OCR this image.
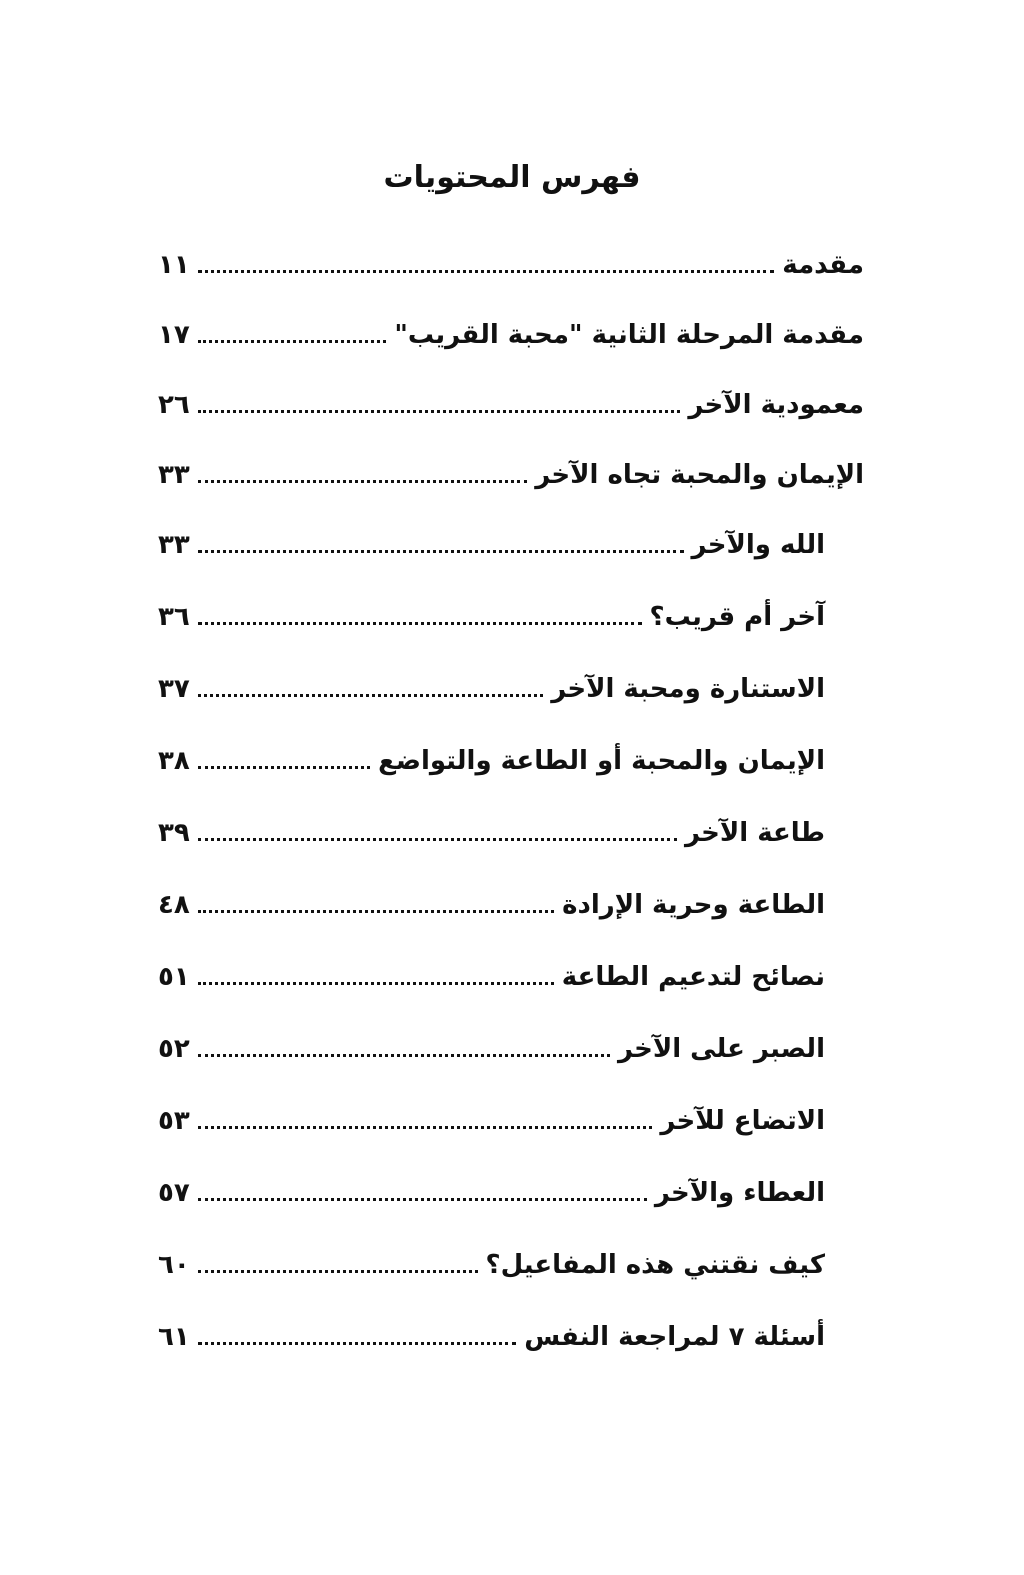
فهرس المحتويات
مقدمة
١١
مقدمة المرحلة الثانية "محبة القريب"
١٧
معمودية الآخر
٢٦
الإيمان والمحبة تجاه الآخر
٣٣
الله والآخر
٣٣
آخر أم قريب؟
٣٦
الاستنارة ومحبة الآخر
٣٧
الإيمان والمحبة أو الطاعة والتواضع
٣٨
طاعة الآخر
٣٩
الطاعة وحرية الإرادة
٤٨
نصائح لتدعيم الطاعة
٥١
الصبر على الآخر
٥٢
الاتضاع للآخر
٥٣
العطاء والآخر
٥٧
كيف نقتني هذه المفاعيل؟
٦٠
أسئلة ٧ لمراجعة النفس
٦١
